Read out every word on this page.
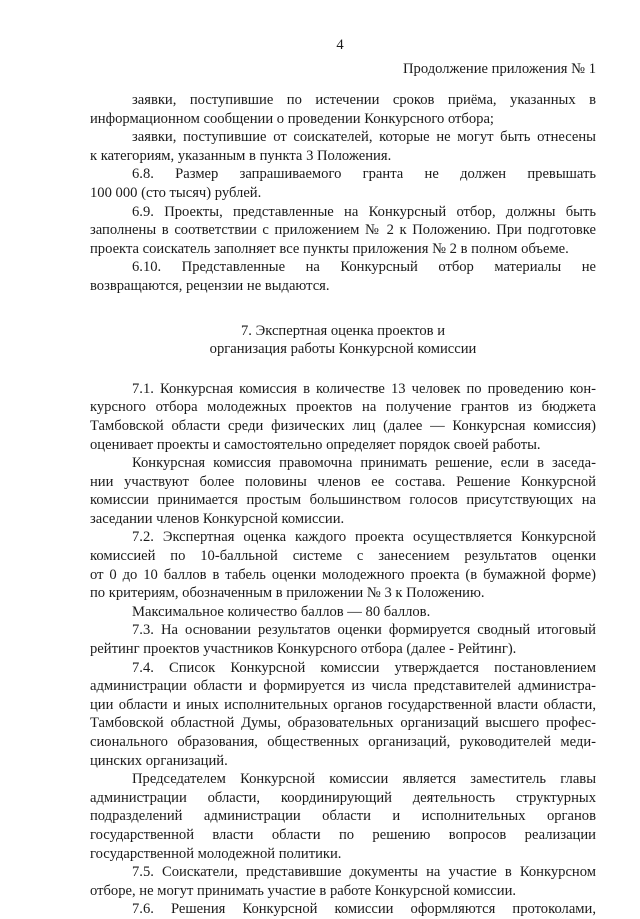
4
Продолжение приложения № 1

заявки, поступившие по истечении сроков приёма, указанных в

информационном сообщении о проведении Конкурсного отбора;

заявки, поступившие от соискателей, которые не могут быть отнесены

к категориям, указанным в пункта 3 Положения.

6.8. Размер запрашиваемого гранта не должен превышать

100 000 (сто тысяч) рублей.

6.9. Проекты, представленные на Конкурсный отбор, должны быть

заполнены в соответствии с приложением № 2 к Положению. При подготовке

проекта соискатель заполняет все пункты приложения № 2 в полном объеме.

6.10. Представленные на Конкурсный отбор материалы не

возвращаются, рецензии не выдаются.

7. Экспертная оценка проектов и
организация работы Конкурсной комиссии

7.1. Конкурсная комиссия в количестве 13 человек по проведению кон-

курсного отбора молодежных проектов на получение грантов из бюджета

Тамбовской области среди физических лиц (далее — Конкурсная комиссия)

оценивает проекты и самостоятельно определяет порядок своей работы.

Конкурсная комиссия правомочна принимать решение, если в заседа-

нии участвуют более половины членов ее состава. Решение Конкурсной

комиссии принимается простым большинством голосов присутствующих на

заседании членов Конкурсной комиссии.

7.2. Экспертная оценка каждого проекта осуществляется Конкурсной

комиссией по 10-балльной системе с занесением результатов оценки

от 0 до 10 баллов в табель оценки молодежного проекта (в бумажной форме)

по критериям, обозначенным в приложении № 3 к Положению.

Максимальное количество баллов — 80 баллов.

7.3. На основании результатов оценки формируется сводный итоговый

рейтинг проектов участников Конкурсного отбора (далее - Рейтинг).

7.4. Список Конкурсной комиссии утверждается постановлением

администрации области и формируется из числа представителей администра-

ции области и иных исполнительных органов государственной власти области,

Тамбовской областной Думы, образовательных организаций высшего профес-

сионального образования, общественных организаций, руководителей меди-

цинских организаций.

Председателем Конкурсной комиссии является заместитель главы

администрации области, координирующий деятельность структурных

подразделений администрации области и исполнительных органов

государственной власти области по решению вопросов реализации

государственной молодежной политики.

7.5. Соискатели, представившие документы на участие в Конкурсном

отборе, не могут принимать участие в работе Конкурсной комиссии.

7.6. Решения Конкурсной комиссии оформляются протоколами,
